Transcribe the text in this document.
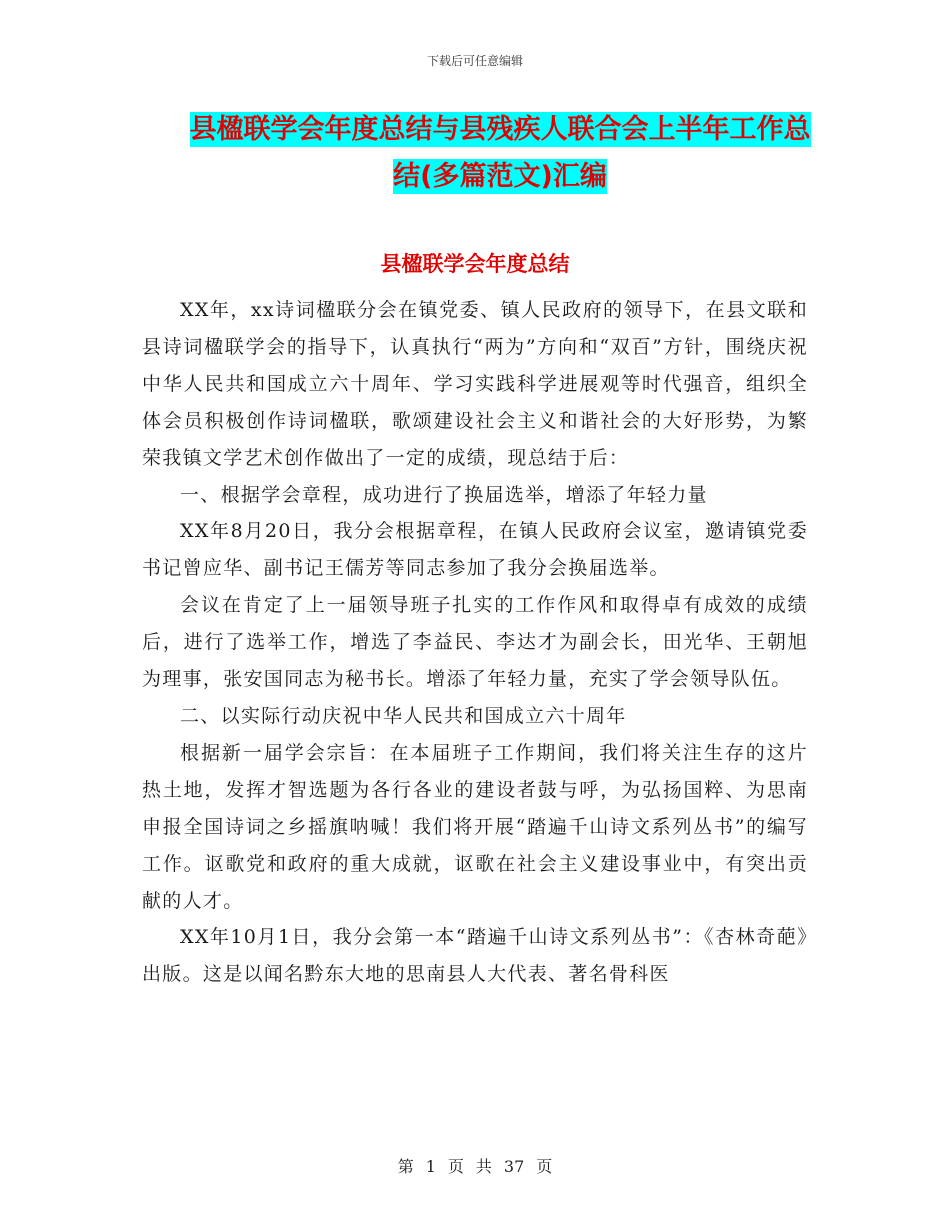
下载后可任意编辑
县楹联学会年度总结与县残疾人联合会上半年工作总
结(多篇范文)汇编
县楹联学会年度总结

XX年，xx诗词楹联分会在镇党委、镇人民政府的领导下，在县文联和县诗词楹联学会的指导下，认真执行“两为”方向和“双百”方针，围绕庆祝中华人民共和国成立六十周年、学习实践科学进展观等时代强音，组织全体会员积极创作诗词楹联，歌颂建设社会主义和谐社会的大好形势，为繁荣我镇文学艺术创作做出了一定的成绩，现总结于后：

一、根据学会章程，成功进行了换届选举，增添了年轻力量

XX年8月20日，我分会根据章程，在镇人民政府会议室，邀请镇党委书记曾应华、副书记王儒芳等同志参加了我分会换届选举。

会议在肯定了上一届领导班子扎实的工作作风和取得卓有成效的成绩后，进行了选举工作，增选了李益民、李达才为副会长，田光华、王朝旭为理事，张安国同志为秘书长。增添了年轻力量，充实了学会领导队伍。

二、以实际行动庆祝中华人民共和国成立六十周年

根据新一届学会宗旨：在本届班子工作期间，我们将关注生存的这片热土地，发挥才智选题为各行各业的建设者鼓与呼，为弘扬国粹、为思南申报全国诗词之乡摇旗呐喊！我们将开展“踏遍千山诗文系列丛书”的编写工作。讴歌党和政府的重大成就，讴歌在社会主义建设事业中，有突出贡献的人才。

XX年10月1日，我分会第一本“踏遍千山诗文系列丛书”：《杏林奇葩》出版。这是以闻名黔东大地的思南县人大代表、著名骨科医

第 1 页 共 37 页
